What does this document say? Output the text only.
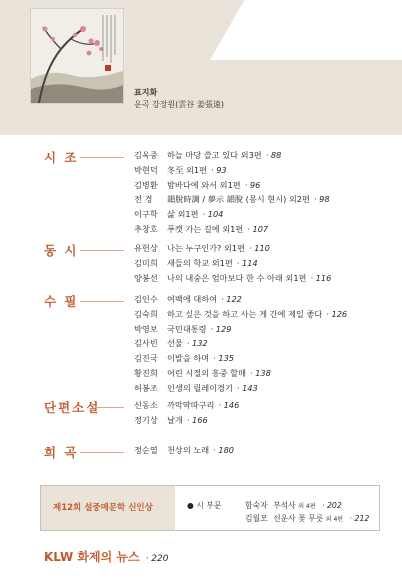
표지화
운곡 강장원(雲谷 姜張遠)
시 조	김옥중 하늘 마당 쓸고 있다 외3편 · 88
박현덕 冬至 외1편 · 93
김병환 밤바다에 와서 외1편 · 96
전 경 韻脫時調 / 夢示 韻脫 (몽시 현시) 외2편 · 98
이구학 삶 외1편 · 104
추창호 푸캣 가는 길에 외1편 · 107
동 시	유헌상 나는 누구인가? 외1편 · 110
김미희 새들의 학교 외1편 · 114
양봉선 나의 내숭은 엄마보다 한 수 아래 외1편 · 116
수 필	김인수 여백에 대하여 · 122
김숙희 하고 싶은 것을 하고 사는 게 간에 제일 좋다 · 126
박영보 국민대통령 · 129
김사빈 선물 · 132
김진국 이발을 하며 · 135
황진희 어린 시절의 흥중 할매 · 138
허봉조 인생의 릴레이경기 · 143
단편소설	신동소 까막딱따구리 · 146
정기상 날개 · 166
희 곡	정순열 천상의 노래 · 180
제12회 설중매문학 신인상	● 시 부문	함숙자 부석사 외 4편 · 202
김월모 선운사 꽃 무릇 외 4편 · 212
KLW 화제의 뉴스 · 220
